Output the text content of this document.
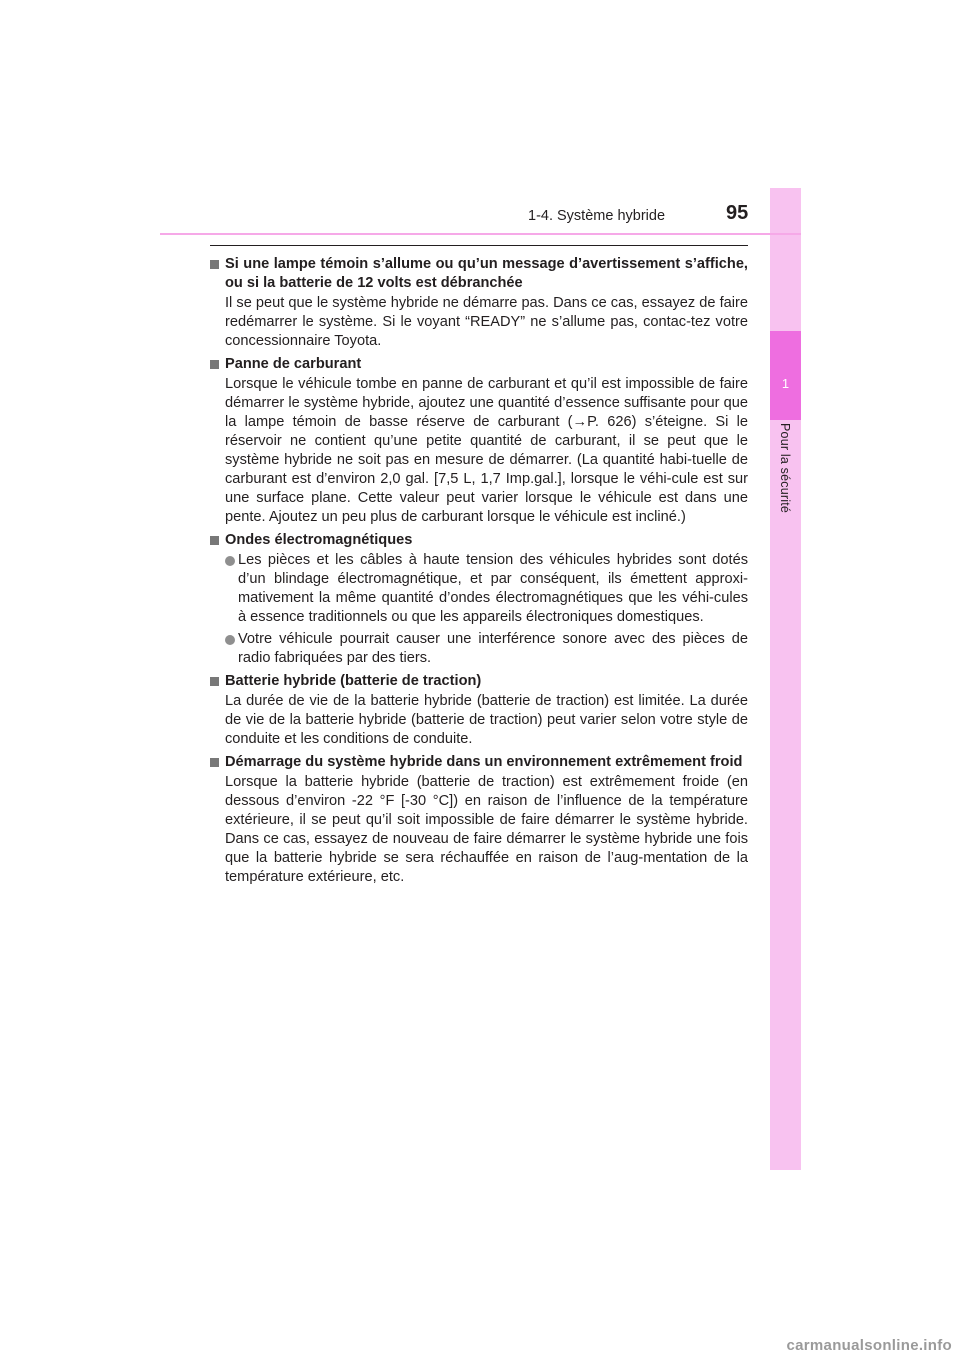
1
Pour la sécurité
1-4. Système hybride	95
Si une lampe témoin s’allume ou qu’un message d’avertissement s’affiche, ou si la batterie de 12 volts est débranchée

Il se peut que le système hybride ne démarre pas. Dans ce cas, essayez de faire redémarrer le système. Si le voyant “READY” ne s’allume pas, contac-tez votre concessionnaire Toyota.

Panne de carburant

Lorsque le véhicule tombe en panne de carburant et qu’il est impossible de faire démarrer le système hybride, ajoutez une quantité d’essence suffisante pour que la lampe témoin de basse réserve de carburant (→P. 626) s’éteigne. Si le réservoir ne contient qu’une petite quantité de carburant, il se peut que le système hybride ne soit pas en mesure de démarrer. (La quantité habi-tuelle de carburant est d’environ 2,0 gal. [7,5 L, 1,7 Imp.gal.], lorsque le véhi-cule est sur une surface plane. Cette valeur peut varier lorsque le véhicule est dans une pente. Ajoutez un peu plus de carburant lorsque le véhicule est incliné.)

Ondes électromagnétiques

Les pièces et les câbles à haute tension des véhicules hybrides sont dotés d’un blindage électromagnétique, et par conséquent, ils émettent approxi-mativement la même quantité d’ondes électromagnétiques que les véhi-cules à essence traditionnels ou que les appareils électroniques domestiques.

Votre véhicule pourrait causer une interférence sonore avec des pièces de radio fabriquées par des tiers.

Batterie hybride (batterie de traction)

La durée de vie de la batterie hybride (batterie de traction) est limitée. La durée de vie de la batterie hybride (batterie de traction) peut varier selon votre style de conduite et les conditions de conduite.

Démarrage du système hybride dans un environnement extrêmement froid

Lorsque la batterie hybride (batterie de traction) est extrêmement froide (en dessous d’environ -22 °F [-30 °C]) en raison de l’influence de la température extérieure, il se peut qu’il soit impossible de faire démarrer le système hybride. Dans ce cas, essayez de nouveau de faire démarrer le système hybride une fois que la batterie hybride se sera réchauffée en raison de l’aug-mentation de la température extérieure, etc.

carmanualsonline.info
